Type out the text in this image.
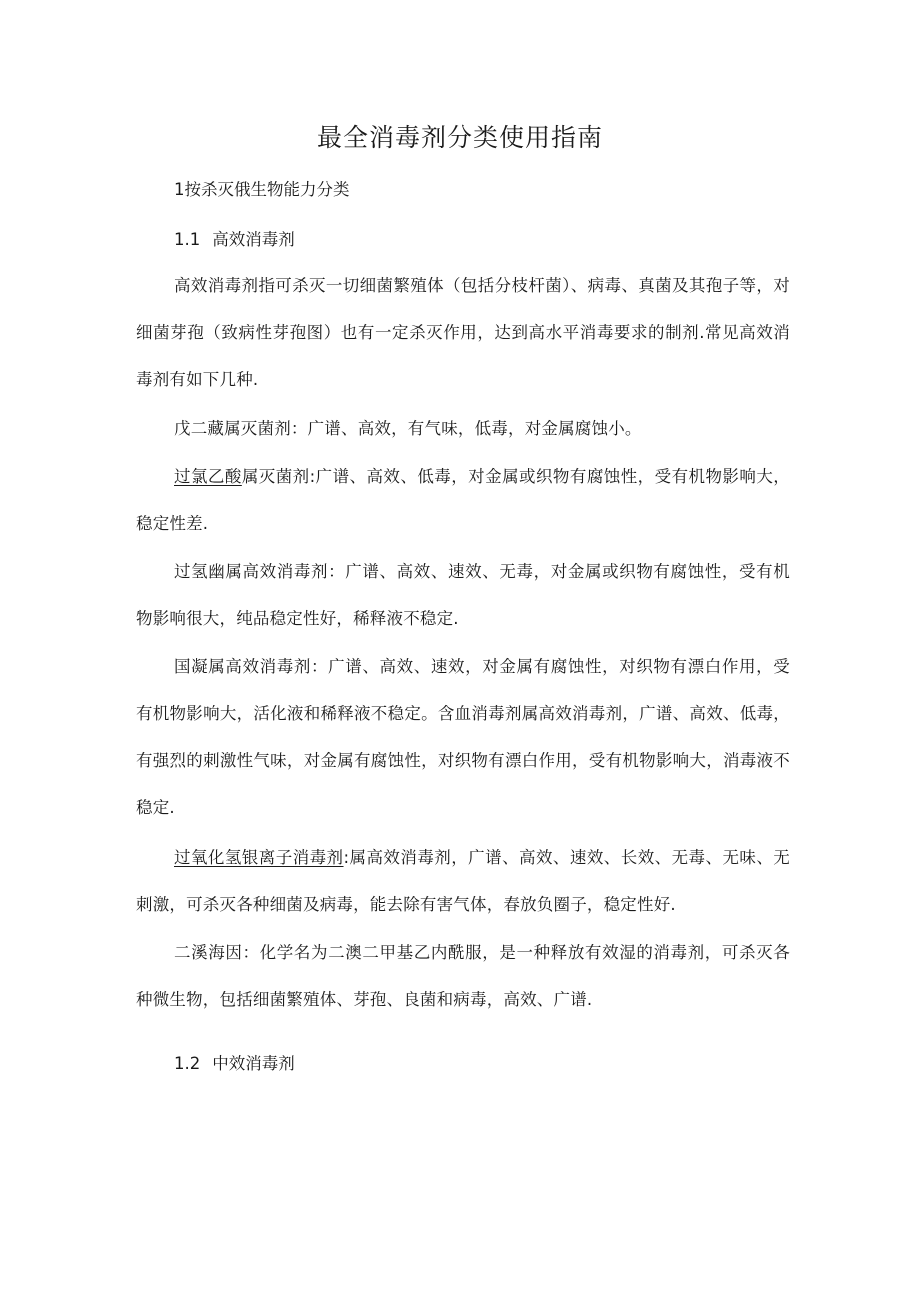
最全消毒剂分类使用指南
1按杀灭俄生物能力分类
1.1 高效消毒剂

高效消毒剂指可杀灭一切细菌繁殖体（包括分枝杆菌）、病毒、真菌及其孢子等，对细菌芽孢（致病性芽孢图）也有一定杀灭作用，达到高水平消毒要求的制剂.常见高效消毒剂有如下几种.

戊二藏属灭菌剂：广谱、高效，有气味，低毒，对金属腐蚀小。

过氯乙酸属灭菌剂:广谱、高效、低毒，对金属或织物有腐蚀性，受有机物影响大，稳定性差.

过氢幽属高效消毒剂：广谱、高效、速效、无毒，对金属或织物有腐蚀性，受有机物影响很大，纯品稳定性好，稀释液不稳定.

国凝属高效消毒剂：广谱、高效、速效，对金属有腐蚀性，对织物有漂白作用，受有机物影响大，活化液和稀释液不稳定。含血消毒剂属高效消毒剂，广谱、高效、低毒，有强烈的刺激性气味，对金属有腐蚀性，对织物有漂白作用，受有机物影响大，消毒液不稳定.

过氧化氢银离子消毒剂:属高效消毒剂，广谱、高效、速效、长效、无毒、无味、无刺激，可杀灭各种细菌及病毒，能去除有害气体，春放负圈子，稳定性好.

二溪海因：化学名为二澳二甲基乙内酰服，是一种释放有效湿的消毒剂，可杀灭各种微生物，包括细菌繁殖体、芽孢、良菌和病毒，高效、广谱.

1.2 中效消毒剂
